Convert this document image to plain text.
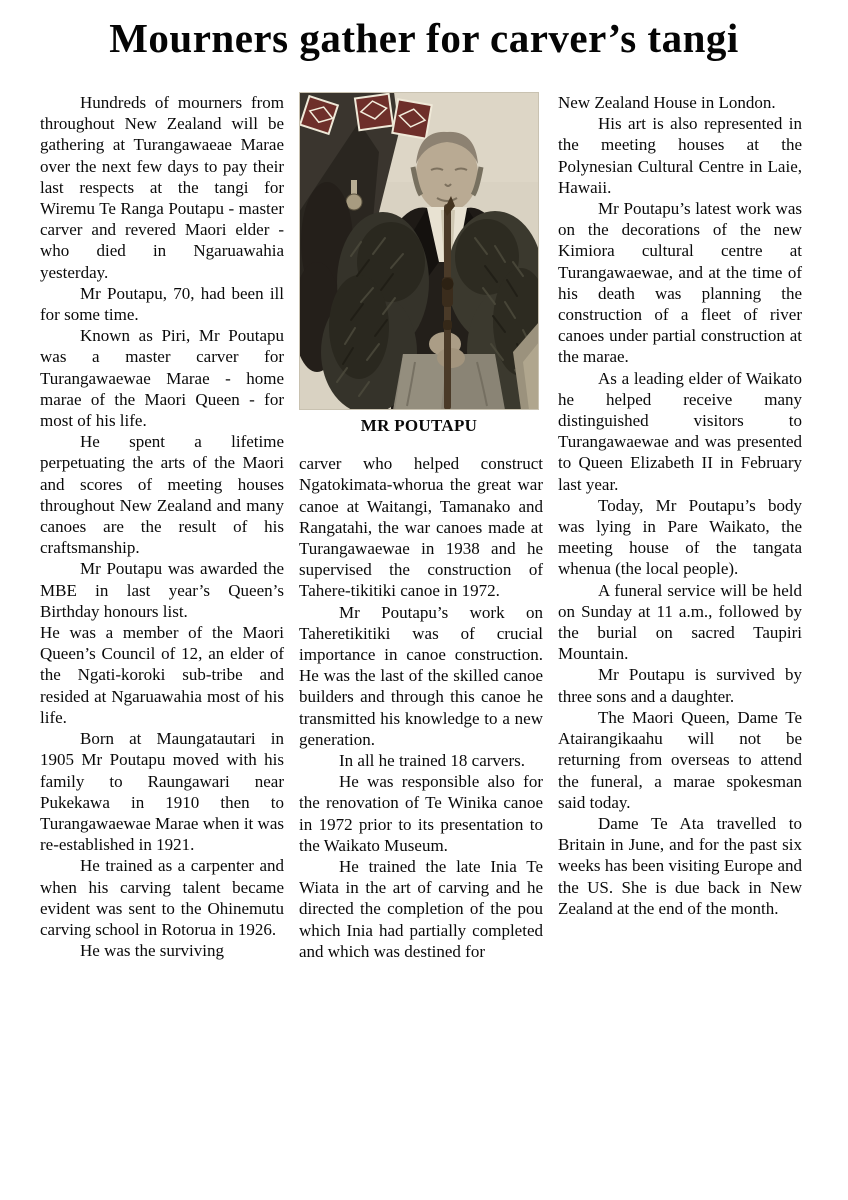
Mourners gather for carver’s tangi

Hundreds of mourners from throughout New Zealand will be gathering at Turangawaeae Marae over the next few days to pay their last respects at the tangi for Wiremu Te Ranga Poutapu - master carver and revered Maori elder - who died in Ngaruawahia yesterday.

Mr Poutapu, 70, had been ill for some time.

Known as Piri, Mr Poutapu was a master carver for Turangawaewae Marae - home marae of the Maori Queen - for most of his life.

He spent a lifetime perpetuating the arts of the Maori and scores of meeting houses throughout New Zealand and many canoes are the result of his craftsmanship.

Mr Poutapu was awarded the MBE in last year’s Queen’s Birthday honours list.

He was a member of the Maori Queen’s Council of 12, an elder of the Ngati-koroki sub-tribe and resided at Ngaruawahia most of his life.

Born at Maungatautari in 1905 Mr Poutapu moved with his family to Raungawari near Pukekawa in 1910 then to Turangawaewae Marae when it was re-established in 1921.

He trained as a carpenter and when his carving talent became evident was sent to the Ohinemutu carving school in Rotorua in 1926.

He was the surviving

MR POUTAPU

carver who helped construct Ngatokimata-whorua the great war canoe at Waitangi, Tamanako and Rangatahi, the war canoes made at Turangawaewae in 1938 and he supervised the construction of Tahere-tikitiki canoe in 1972.

Mr Poutapu’s work on Taheretikitiki was of crucial importance in canoe construction. He was the last of the skilled canoe builders and through this canoe he transmitted his knowledge to a new generation.

In all he trained 18 carvers.

He was responsible also for the renovation of Te Winika canoe in 1972 prior to its presentation to the Waikato Museum.

He trained the late Inia Te Wiata in the art of carving and he directed the completion of the pou which Inia had partially completed and which was destined for

New Zealand House in London.

His art is also represented in the meeting houses at the Polynesian Cultural Centre in Laie, Hawaii.

Mr Poutapu’s latest work was on the decorations of the new Kimiora cultural centre at Turangawaewae, and at the time of his death was planning the construction of a fleet of river canoes under partial construction at the marae.

As a leading elder of Waikato he helped receive many distinguished visitors to Turangawaewae and was presented to Queen Elizabeth II in February last year.

Today, Mr Poutapu’s body was lying in Pare Waikato, the meeting house of the tangata whenua (the local people).

A funeral service will be held on Sunday at 11 a.m., followed by the burial on sacred Taupiri Mountain.

Mr Poutapu is survived by three sons and a daughter.

The Maori Queen, Dame Te Atairangikaahu will not be returning from overseas to attend the funeral, a marae spokesman said today.

Dame Te Ata travelled to Britain in June, and for the past six weeks has been visiting Europe and the US. She is due back in New Zealand at the end of the month.
